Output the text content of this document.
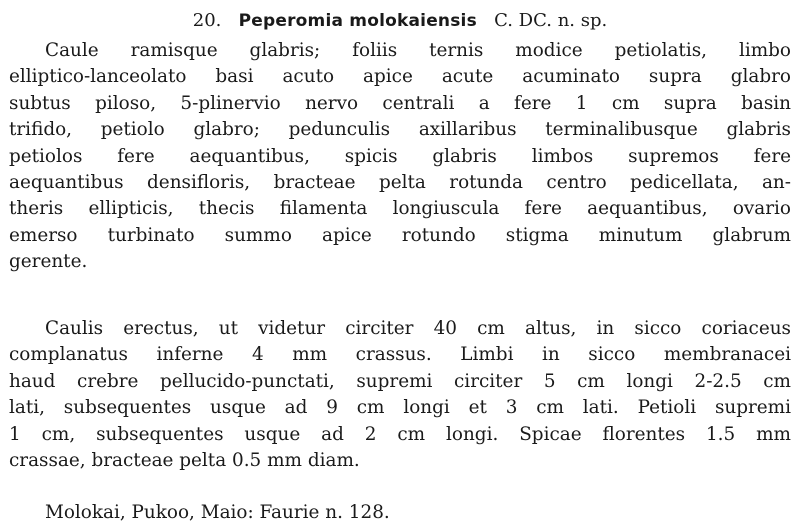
20. Peperomia molokaiensis C. DC. n. sp.
Caule ramisque glabris; foliis ternis modice petiolatis, limbo
elliptico-lanceolato basi acuto apice acute acuminato supra glabro
subtus piloso, 5-plinervio nervo centrali a fere 1 cm supra basin
trifido, petiolo glabro; pedunculis axillaribus terminalibusque glabris
petiolos fere aequantibus, spicis glabris limbos supremos fere
aequantibus densifloris, bracteae pelta rotunda centro pedicellata, an-
theris ellipticis, thecis filamenta longiuscula fere aequantibus, ovario
emerso turbinato summo apice rotundo stigma minutum glabrum
gerente.
Caulis erectus, ut videtur circiter 40 cm altus, in sicco coriaceus
complanatus inferne 4 mm crassus. Limbi in sicco membranacei
haud crebre pellucido-punctati, supremi circiter 5 cm longi 2-2.5 cm
lati, subsequentes usque ad 9 cm longi et 3 cm lati. Petioli supremi
1 cm, subsequentes usque ad 2 cm longi. Spicae florentes 1.5 mm
crassae, bracteae pelta 0.5 mm diam.
Molokai, Pukoo, Maio: Faurie n. 128.
